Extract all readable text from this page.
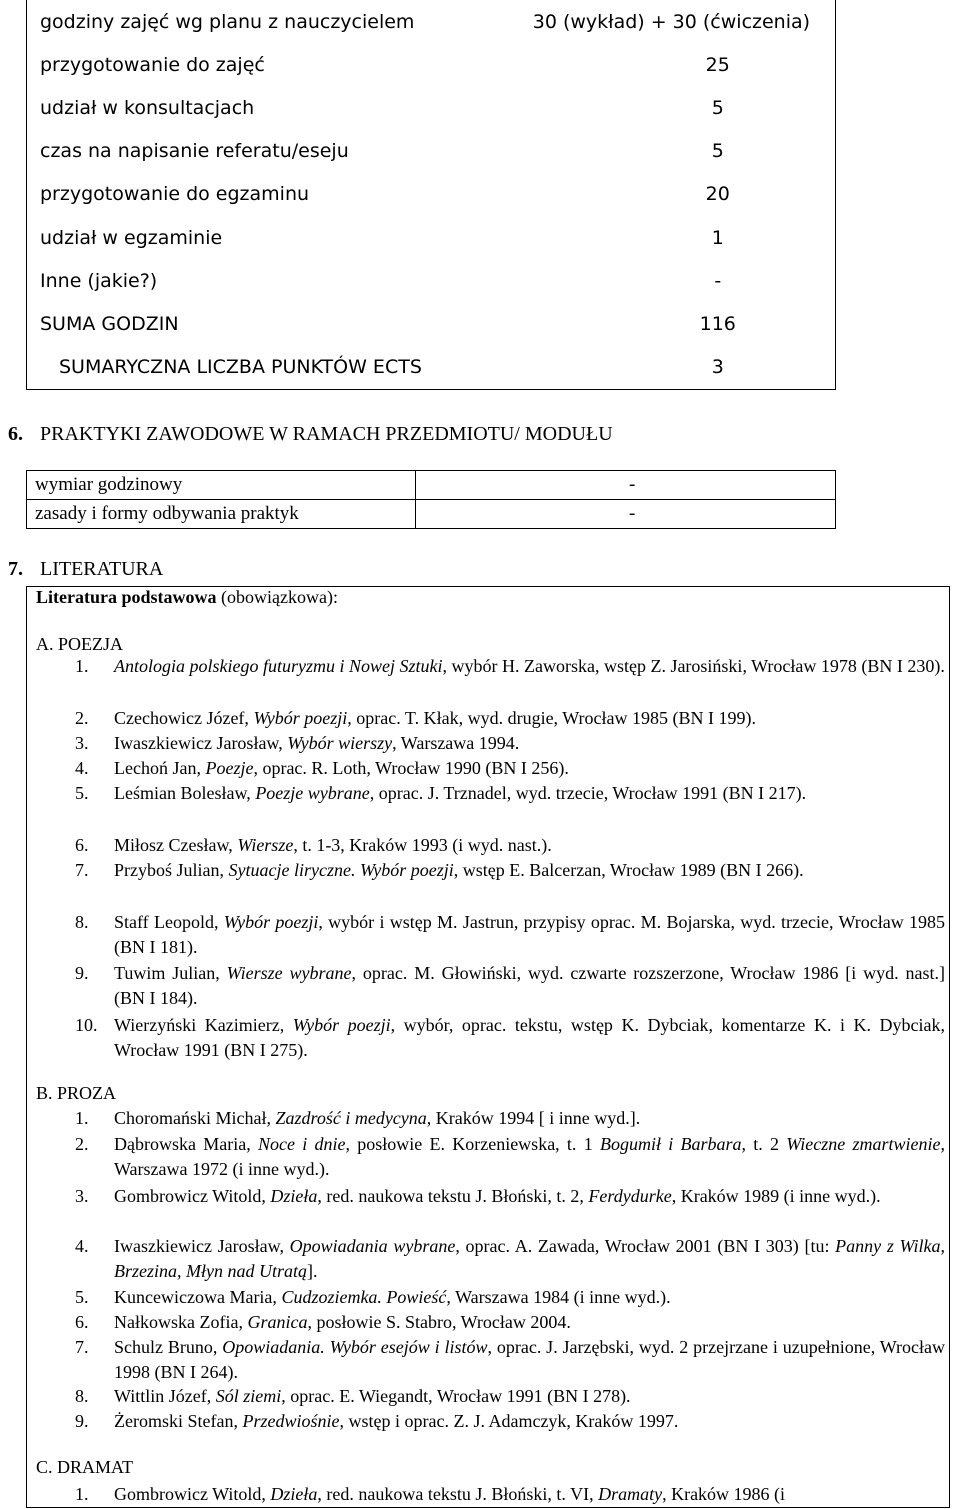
godziny zajęć wg planu z nauczycielem	30 (wykład) + 30 (ćwiczenia)
przygotowanie do zajęć	25
udział w konsultacjach	5
czas na napisanie referatu/eseju	5
przygotowanie do egzaminu	20
udział w egzaminie	1
Inne (jakie?)	-
SUMA GODZIN	116
SUMARYCZNA LICZBA PUNKTÓW ECTS	3
6. PRAKTYKI ZAWODOWE W RAMACH PRZEDMIOTU/ MODUŁU
wymiar godzinowy	-
zasady i formy odbywania praktyk	-
7. LITERATURA
Literatura podstawowa (obowiązkowa):
A. POEZJA
1.	Antologia polskiego futuryzmu i Nowej Sztuki, wybór H. Zaworska, wstęp Z. Jarosiński, Wrocław 1978 (BN I 230).
2.	Czechowicz Józef, Wybór poezji, oprac. T. Kłak, wyd. drugie, Wrocław 1985 (BN I 199).
3.	Iwaszkiewicz Jarosław, Wybór wierszy, Warszawa 1994.
4.	Lechoń Jan, Poezje, oprac. R. Loth, Wrocław 1990 (BN I 256).
5.	Leśmian Bolesław, Poezje wybrane, oprac. J. Trznadel, wyd. trzecie, Wrocław 1991 (BN I 217).
6.	Miłosz Czesław, Wiersze, t. 1-3, Kraków 1993 (i wyd. nast.).
7.	Przyboś Julian, Sytuacje liryczne. Wybór poezji, wstęp E. Balcerzan, Wrocław 1989 (BN I 266).
8.	Staff Leopold, Wybór poezji, wybór i wstęp M. Jastrun, przypisy oprac. M. Bojarska, wyd. trzecie, Wrocław 1985 (BN I 181).
9.	Tuwim Julian, Wiersze wybrane, oprac. M. Głowiński, wyd. czwarte rozszerzone, Wrocław 1986 [i wyd. nast.] (BN I 184).
10. Wierzyński Kazimierz, Wybór poezji, wybór, oprac. tekstu, wstęp K. Dybciak, komentarze K. i K. Dybciak, Wrocław 1991 (BN I 275).
B. PROZA
1.	Choromański Michał, Zazdrość i medycyna, Kraków 1994 [ i inne wyd.].
2.	Dąbrowska Maria, Noce i dnie, posłowie E. Korzeniewska, t. 1 Bogumił i Barbara, t. 2 Wieczne zmartwienie, Warszawa 1972 (i inne wyd.).
3.	Gombrowicz Witold, Dzieła, red. naukowa tekstu J. Błoński, t. 2, Ferdydurke, Kraków 1989 (i inne wyd.).
4.	Iwaszkiewicz Jarosław, Opowiadania wybrane, oprac. A. Zawada, Wrocław 2001 (BN I 303) [tu: Panny z Wilka, Brzezina, Młyn nad Utratą].
5.	Kuncewiczowa Maria, Cudzoziemka. Powieść, Warszawa 1984 (i inne wyd.).
6.	Nałkowska Zofia, Granica, posłowie S. Stabro, Wrocław 2004.
7.	Schulz Bruno, Opowiadania. Wybór esejów i listów, oprac. J. Jarzębski, wyd. 2 przejrzane i uzupełnione, Wrocław 1998 (BN I 264).
8.	Wittlin Józef, Sól ziemi, oprac. E. Wiegandt, Wrocław 1991 (BN I 278).
9.	Żeromski Stefan, Przedwiośnie, wstęp i oprac. Z. J. Adamczyk, Kraków 1997.
C. DRAMAT
1.	Gombrowicz Witold, Dzieła, red. naukowa tekstu J. Błoński, t. VI, Dramaty, Kraków 1986 (i
